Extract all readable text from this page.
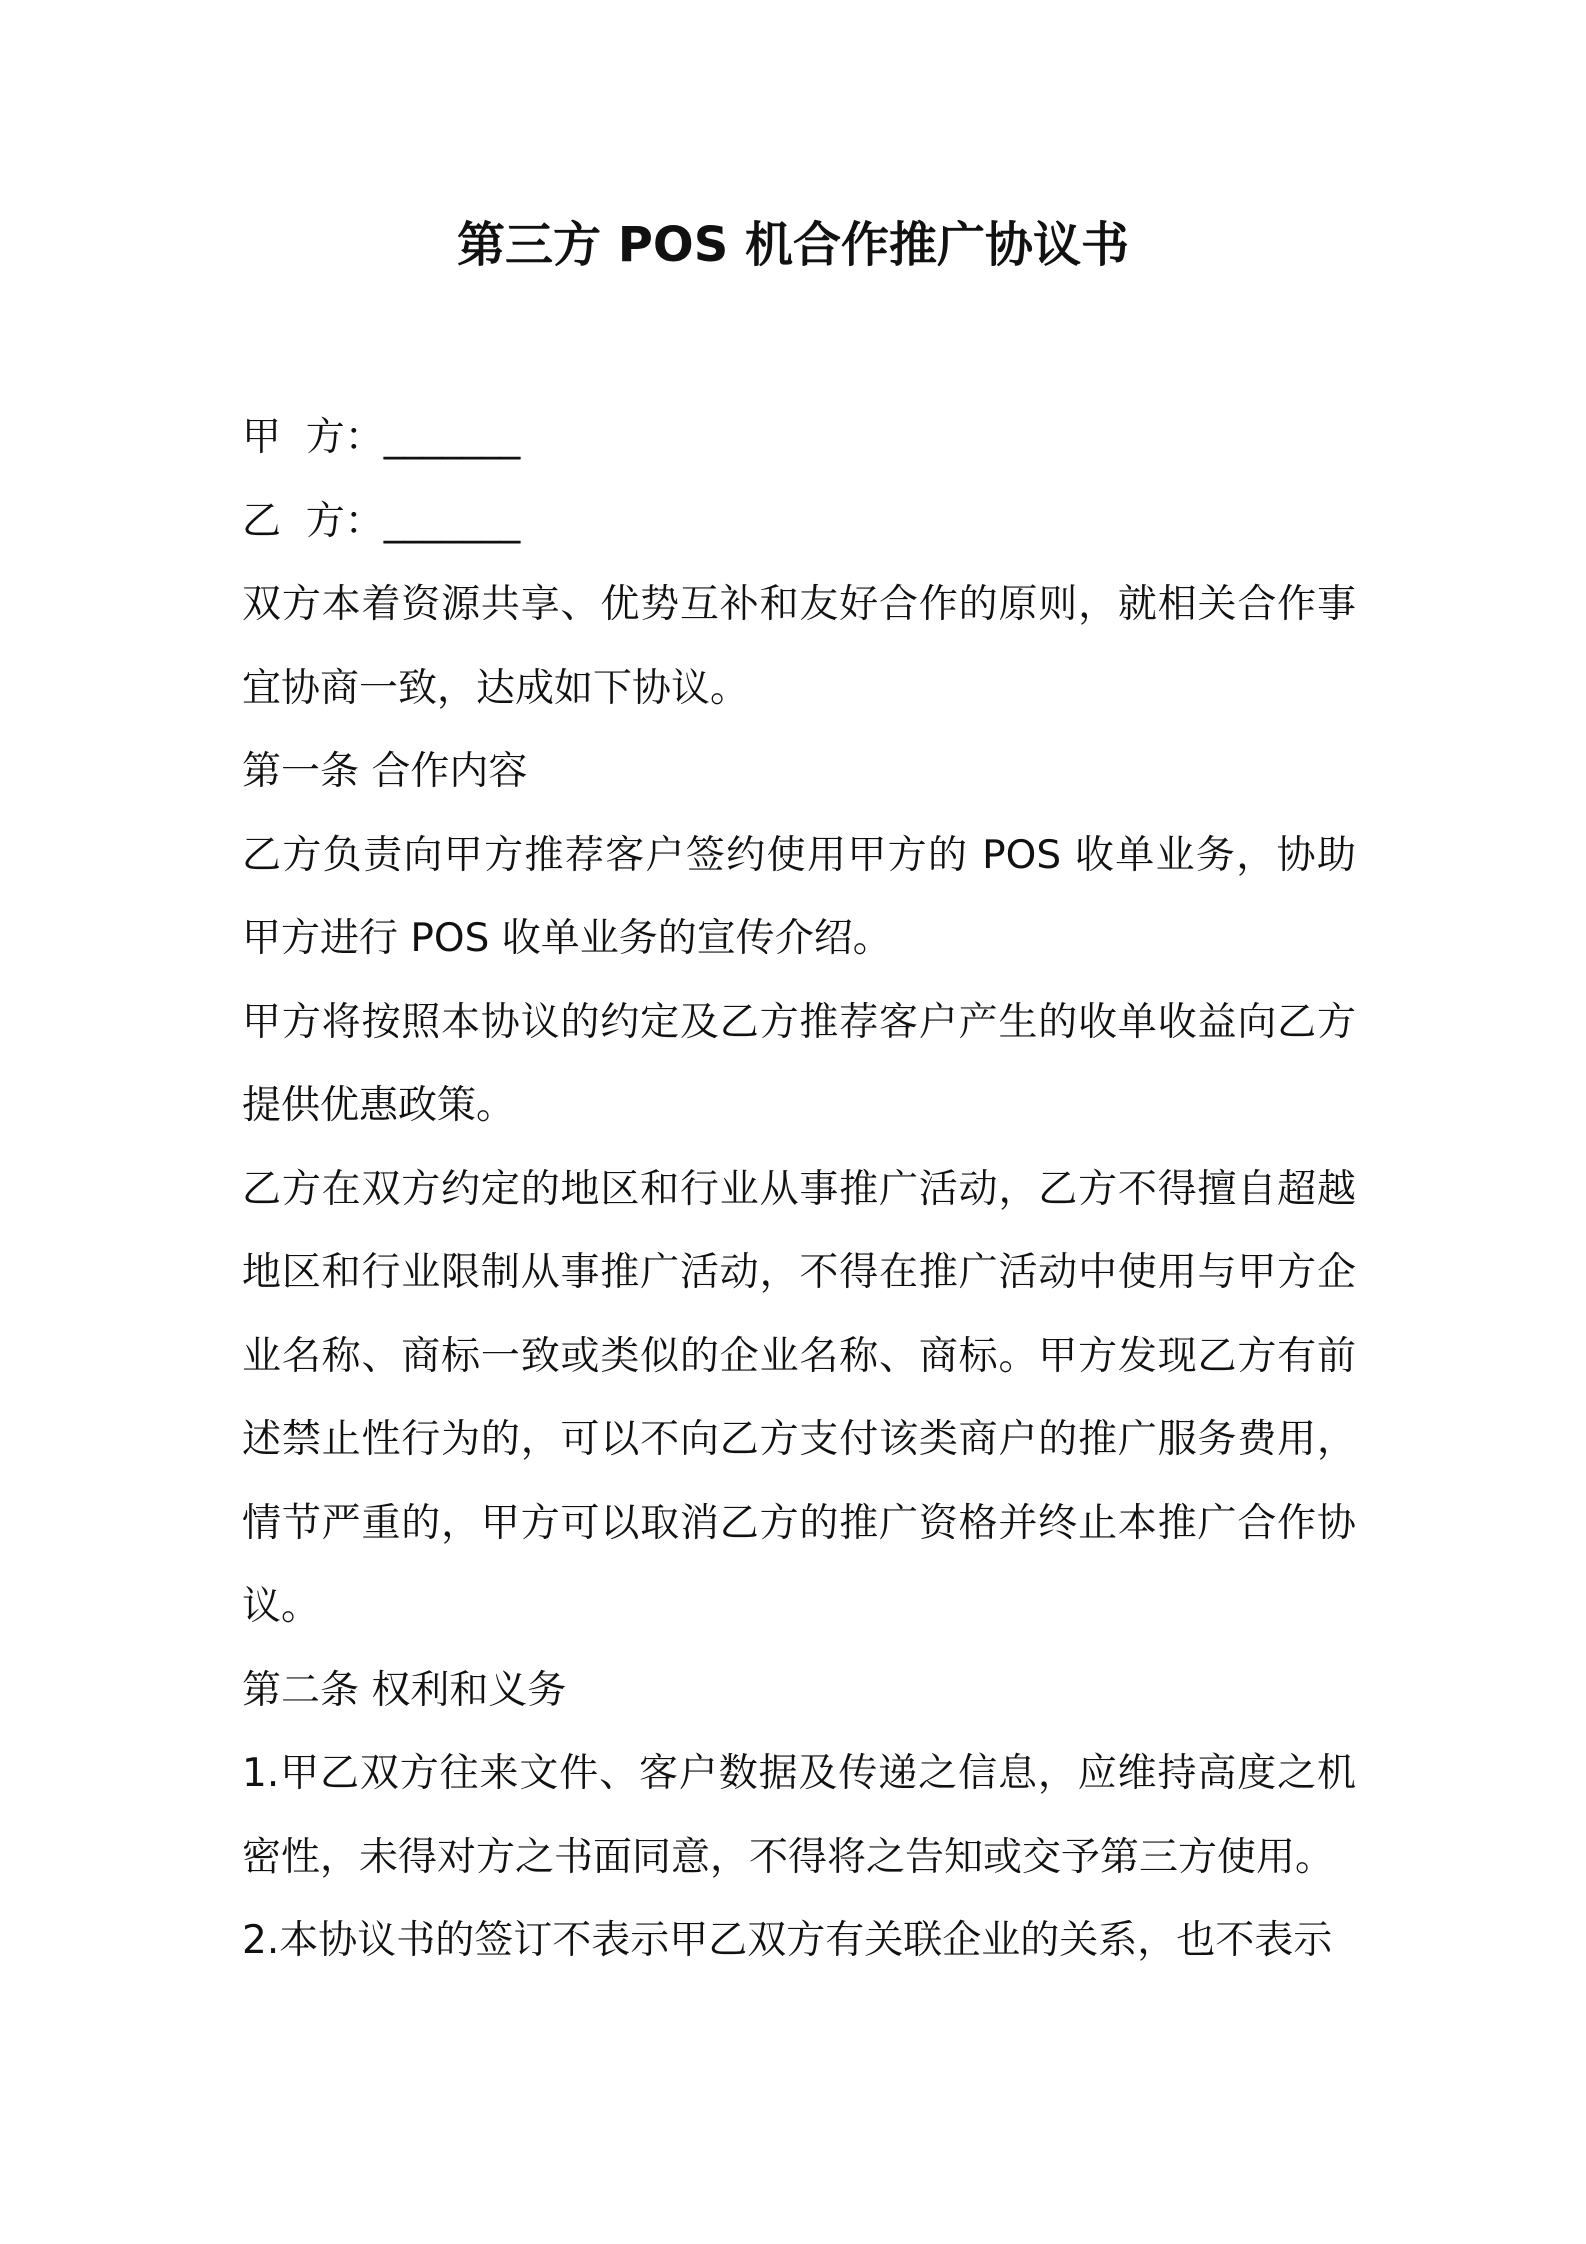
第三方 POS 机合作推广协议书

甲  方：_______

乙  方：_______

双方本着资源共享、优势互补和友好合作的原则，就相关合作事宜协商一致，达成如下协议。

第一条 合作内容

乙方负责向甲方推荐客户签约使用甲方的 POS 收单业务，协助甲方进行 POS 收单业务的宣传介绍。

甲方将按照本协议的约定及乙方推荐客户产生的收单收益向乙方提供优惠政策。

乙方在双方约定的地区和行业从事推广活动，乙方不得擅自超越地区和行业限制从事推广活动，不得在推广活动中使用与甲方企业名称、商标一致或类似的企业名称、商标。甲方发现乙方有前述禁止性行为的，可以不向乙方支付该类商户的推广服务费用，情节严重的，甲方可以取消乙方的推广资格并终止本推广合作协议。

第二条 权利和义务

1.甲乙双方往来文件、客户数据及传递之信息，应维持高度之机密性，未得对方之书面同意，不得将之告知或交予第三方使用。

2.本协议书的签订不表示甲乙双方有关联企业的关系，也不表示
